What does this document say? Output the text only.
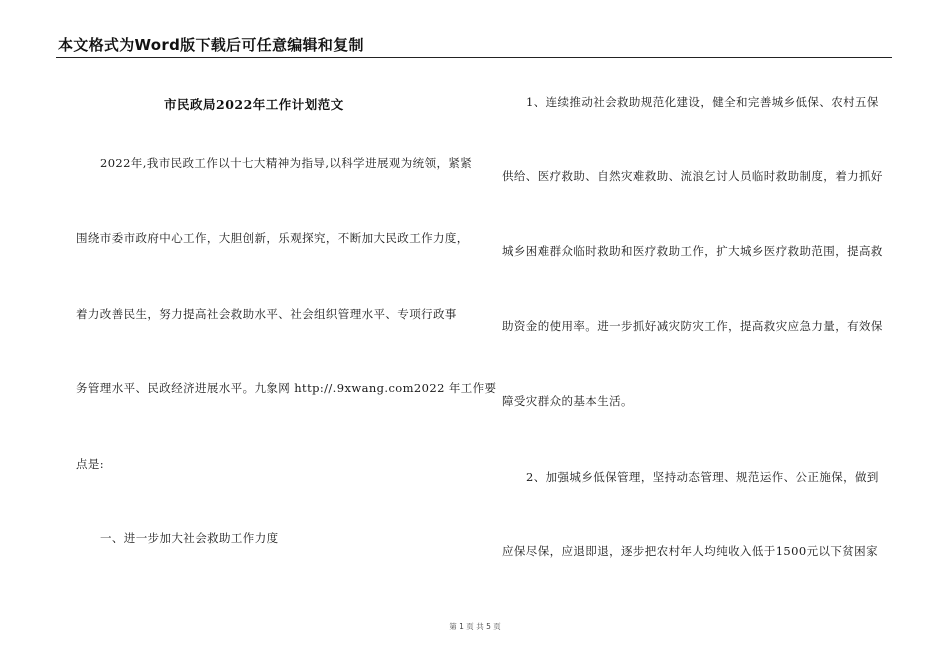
本文格式为Word版下载后可任意编辑和复制
市民政局2022年工作计划范文
2022年,我市民政工作以十七大精神为指导,以科学进展观为统领，紧紧
围绕市委市政府中心工作，大胆创新，乐观探究，不断加大民政工作力度，
着力改善民生，努力提高社会救助水平、社会组织管理水平、专项行政事
务管理水平、民政经济进展水平。九象网 http://.9xwang.com2022 年工作要
点是:
一、进一步加大社会救助工作力度
1、连续推动社会救助规范化建设，健全和完善城乡低保、农村五保
供给、医疗救助、自然灾难救助、流浪乞讨人员临时救助制度，着力抓好
城乡困难群众临时救助和医疗救助工作，扩大城乡医疗救助范围，提高救
助资金的使用率。进一步抓好减灾防灾工作，提高救灾应急力量，有效保
障受灾群众的基本生活。
2、加强城乡低保管理，坚持动态管理、规范运作、公正施保，做到
应保尽保，应退即退，逐步把农村年人均纯收入低于1500元以下贫困家
第 1 页 共 5 页
